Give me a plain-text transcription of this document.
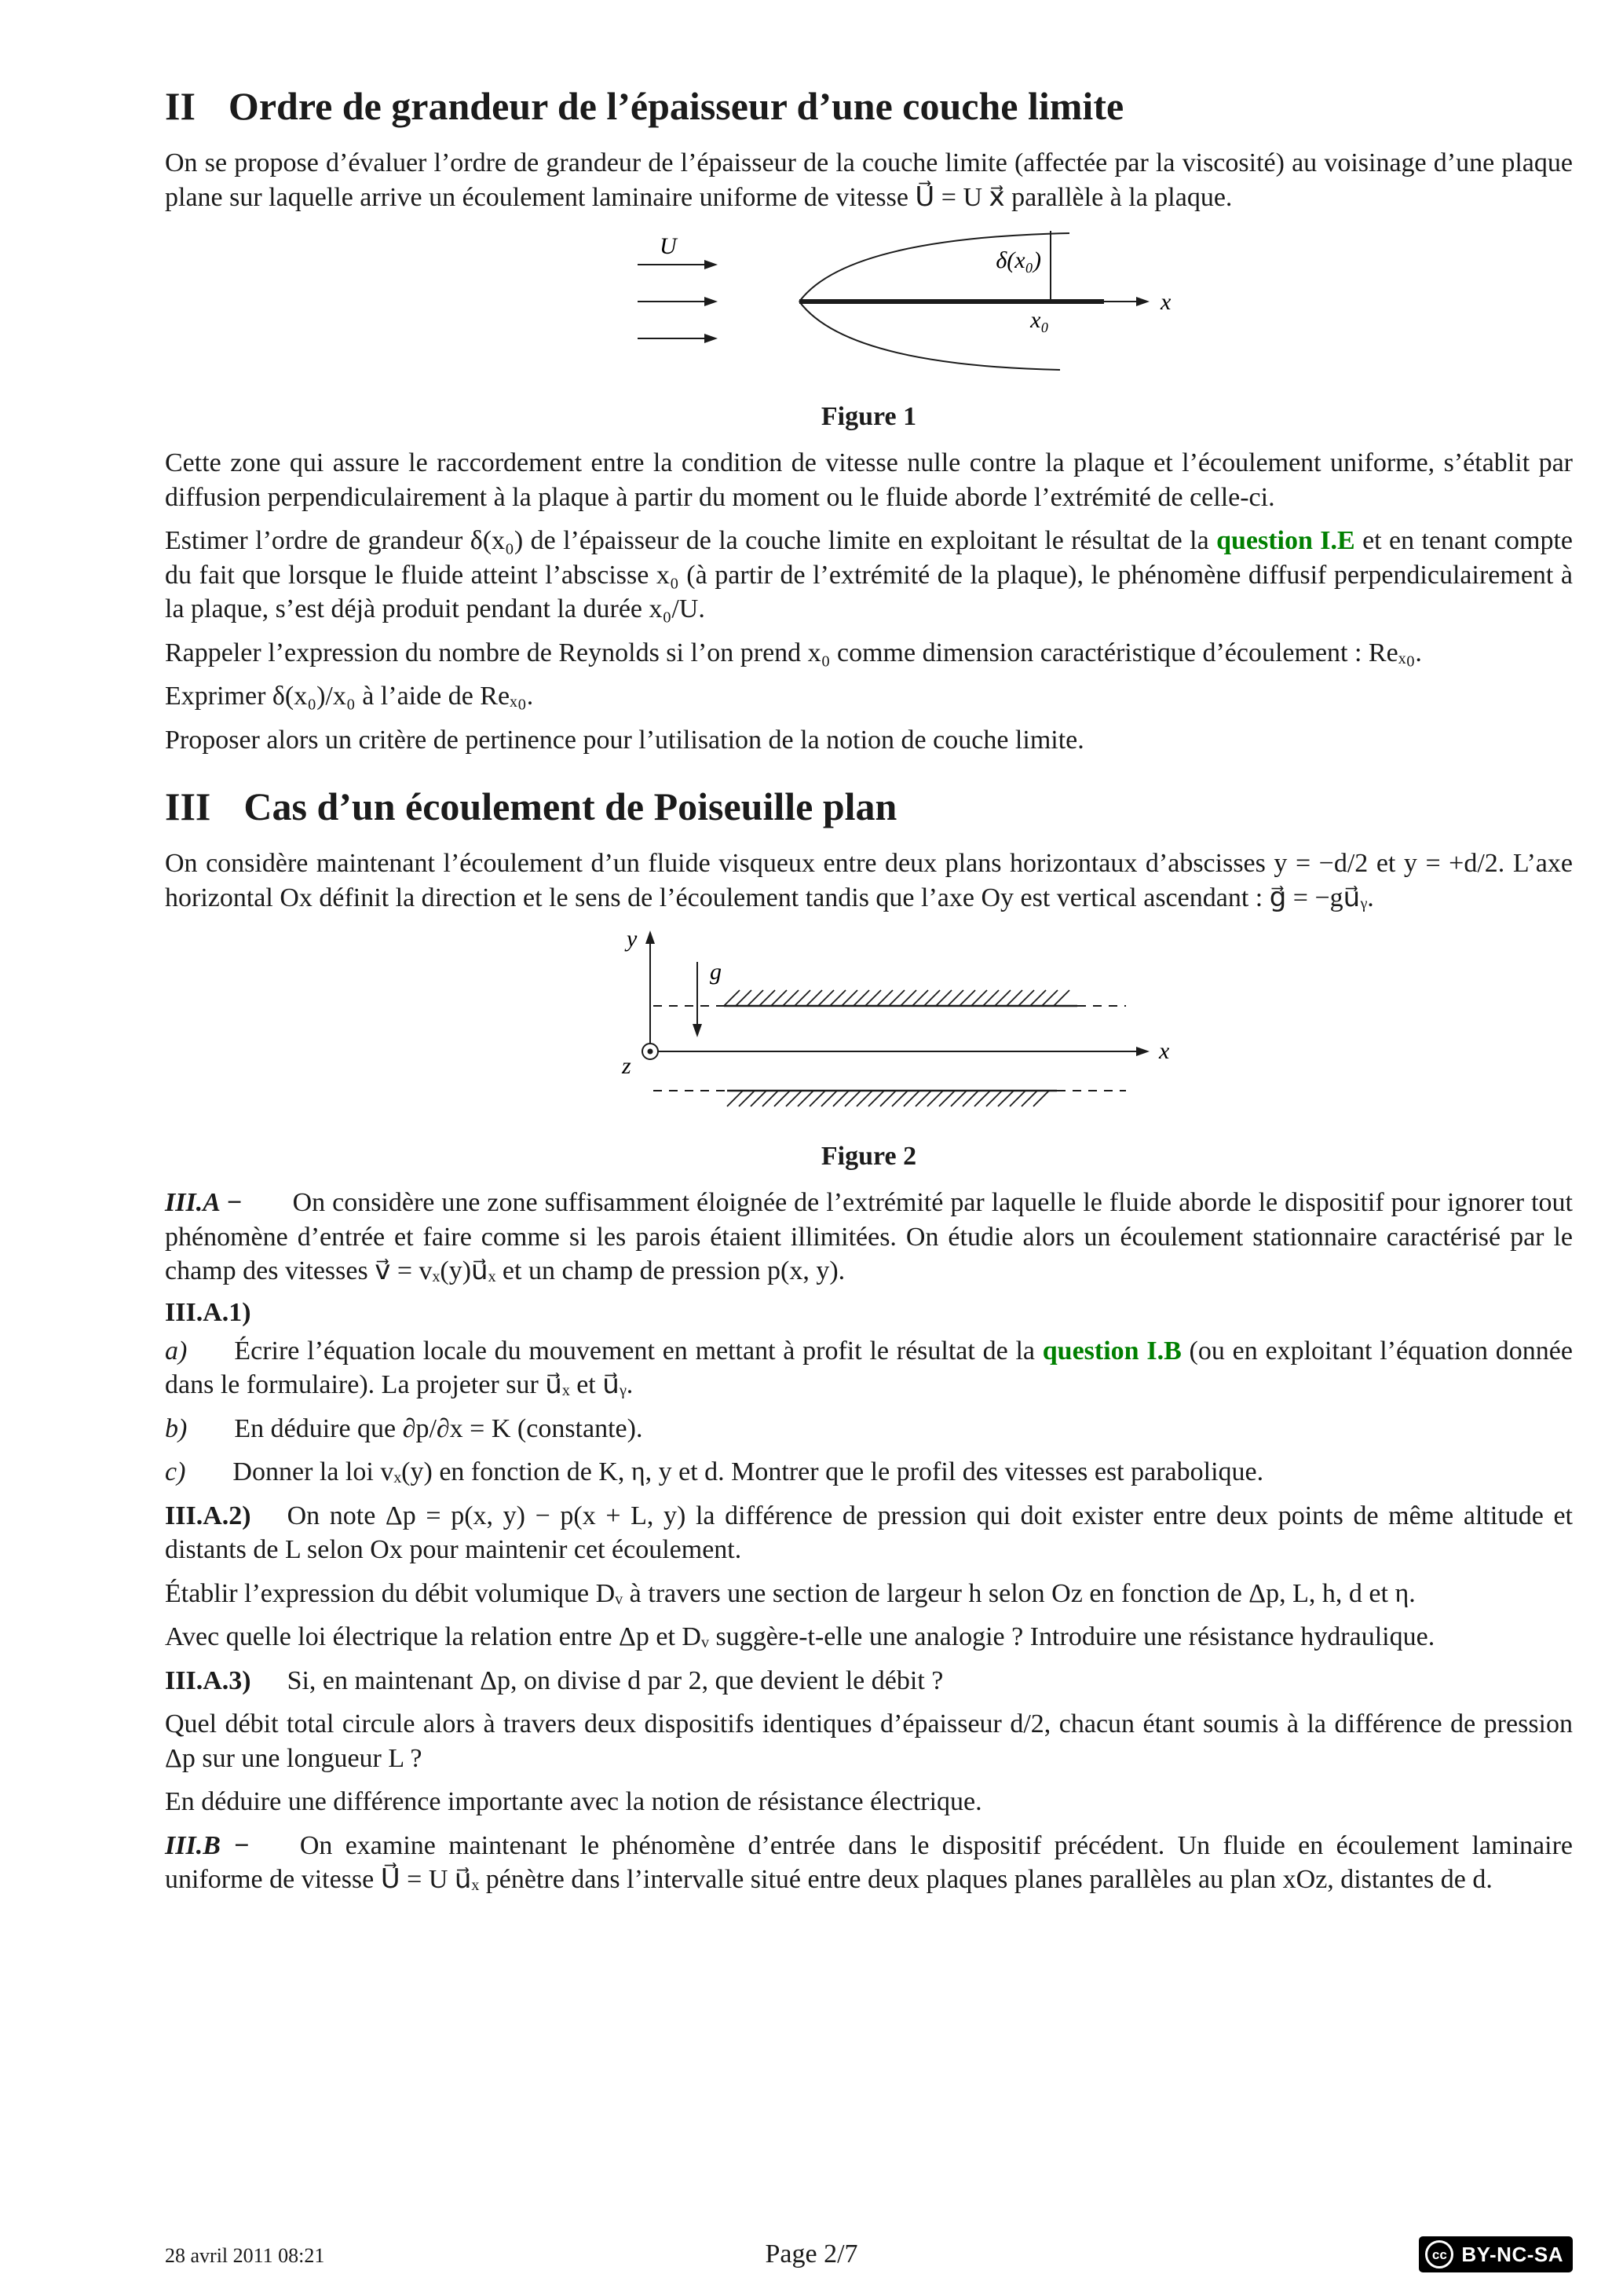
II Ordre de grandeur de l’épaisseur d’une couche limite

On se propose d’évaluer l’ordre de grandeur de l’épaisseur de la couche limite (affectée par la viscosité) au voisinage d’une plaque plane sur laquelle arrive un écoulement laminaire uniforme de vitesse U⃗ = U x⃗ parallèle à la plaque.

U
δ(x₀)
x₀
x
Figure 1

Cette zone qui assure le raccordement entre la condition de vitesse nulle contre la plaque et l’écoulement uniforme, s’établit par diffusion perpendiculairement à la plaque à partir du moment ou le fluide aborde l’extrémité de celle-ci.

Estimer l’ordre de grandeur δ(x₀) de l’épaisseur de la couche limite en exploitant le résultat de la question I.E et en tenant compte du fait que lorsque le fluide atteint l’abscisse x₀ (à partir de l’extrémité de la plaque), le phénomène diffusif perpendiculairement à la plaque, s’est déjà produit pendant la durée x₀/U.

Rappeler l’expression du nombre de Reynolds si l’on prend x₀ comme dimension caractéristique d’écoulement : Reₓ₀.

Exprimer δ(x₀)/x₀ à l’aide de Reₓ₀.

Proposer alors un critère de pertinence pour l’utilisation de la notion de couche limite.

III Cas d’un écoulement de Poiseuille plan

On considère maintenant l’écoulement d’un fluide visqueux entre deux plans horizontaux d’abscisses y = −d/2 et y = +d/2. L’axe horizontal Ox définit la direction et le sens de l’écoulement tandis que l’axe Oy est vertical ascendant : g⃗ = −gu⃗ᵧ.

y
g⃗
x
z
Figure 2

III.A − On considère une zone suffisamment éloignée de l’extrémité par laquelle le fluide aborde le dispositif pour ignorer tout phénomène d’entrée et faire comme si les parois étaient illimitées. On étudie alors un écoulement stationnaire caractérisé par le champ des vitesses v⃗ = vₓ(y)u⃗ₓ et un champ de pression p(x, y).

III.A.1)

a) Écrire l’équation locale du mouvement en mettant à profit le résultat de la question I.B (ou en exploitant l’équation donnée dans le formulaire). La projeter sur u⃗ₓ et u⃗ᵧ.

b) En déduire que ∂p/∂x = K (constante).

c) Donner la loi vₓ(y) en fonction de K, η, y et d. Montrer que le profil des vitesses est parabolique.

III.A.2) On note Δp = p(x, y) − p(x + L, y) la différence de pression qui doit exister entre deux points de même altitude et distants de L selon Ox pour maintenir cet écoulement.

Établir l’expression du débit volumique Dᵥ à travers une section de largeur h selon Oz en fonction de Δp, L, h, d et η.

Avec quelle loi électrique la relation entre Δp et Dᵥ suggère-t-elle une analogie ? Introduire une résistance hydraulique.

III.A.3) Si, en maintenant Δp, on divise d par 2, que devient le débit ?

Quel débit total circule alors à travers deux dispositifs identiques d’épaisseur d/2, chacun étant soumis à la différence de pression Δp sur une longueur L ?

En déduire une différence importante avec la notion de résistance électrique.

III.B − On examine maintenant le phénomène d’entrée dans le dispositif précédent. Un fluide en écoulement laminaire uniforme de vitesse U⃗ = U u⃗ₓ pénètre dans l’intervalle situé entre deux plaques planes parallèles au plan xOz, distantes de d.

28 avril 2011 08:21	Page 2/7	cc BY-NC-SA
